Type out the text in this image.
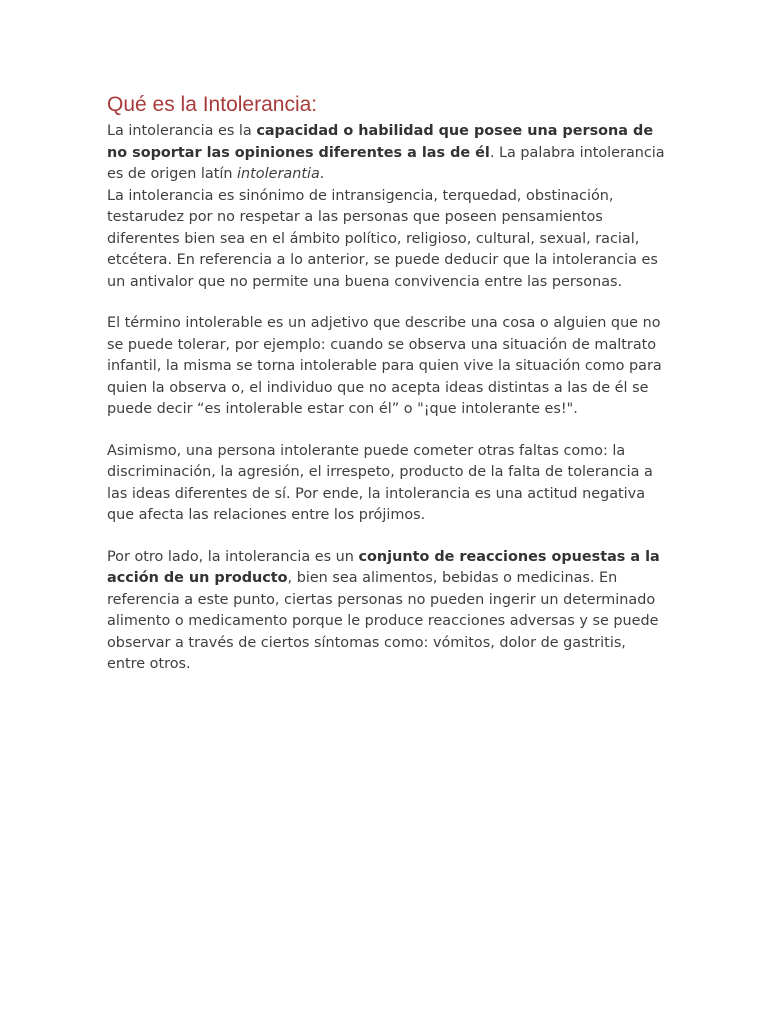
Qué es la Intolerancia:

La intolerancia es la capacidad o habilidad que posee una persona de no soportar las opiniones diferentes a las de él. La palabra intolerancia es de origen latín intolerantia.

La intolerancia es sinónimo de intransigencia, terquedad, obstinación, testarudez por no respetar a las personas que poseen pensamientos diferentes bien sea en el ámbito político, religioso, cultural, sexual, racial, etcétera. En referencia a lo anterior, se puede deducir que la intolerancia es un antivalor que no permite una buena convivencia entre las personas.

El término intolerable es un adjetivo que describe una cosa o alguien que no se puede tolerar, por ejemplo: cuando se observa una situación de maltrato infantil, la misma se torna intolerable para quien vive la situación como para quien la observa o, el individuo que no acepta ideas distintas a las de él se puede decir “es intolerable estar con él” o "¡que intolerante es!".

Asimismo, una persona intolerante puede cometer otras faltas como: la discriminación, la agresión, el irrespeto, producto de la falta de tolerancia a las ideas diferentes de sí. Por ende, la intolerancia es una actitud negativa que afecta las relaciones entre los prójimos.

Por otro lado, la intolerancia es un conjunto de reacciones opuestas a la acción de un producto, bien sea alimentos, bebidas o medicinas. En referencia a este punto, ciertas personas no pueden ingerir un determinado alimento o medicamento porque le produce reacciones adversas y se puede observar a través de ciertos síntomas como: vómitos, dolor de gastritis, entre otros.
